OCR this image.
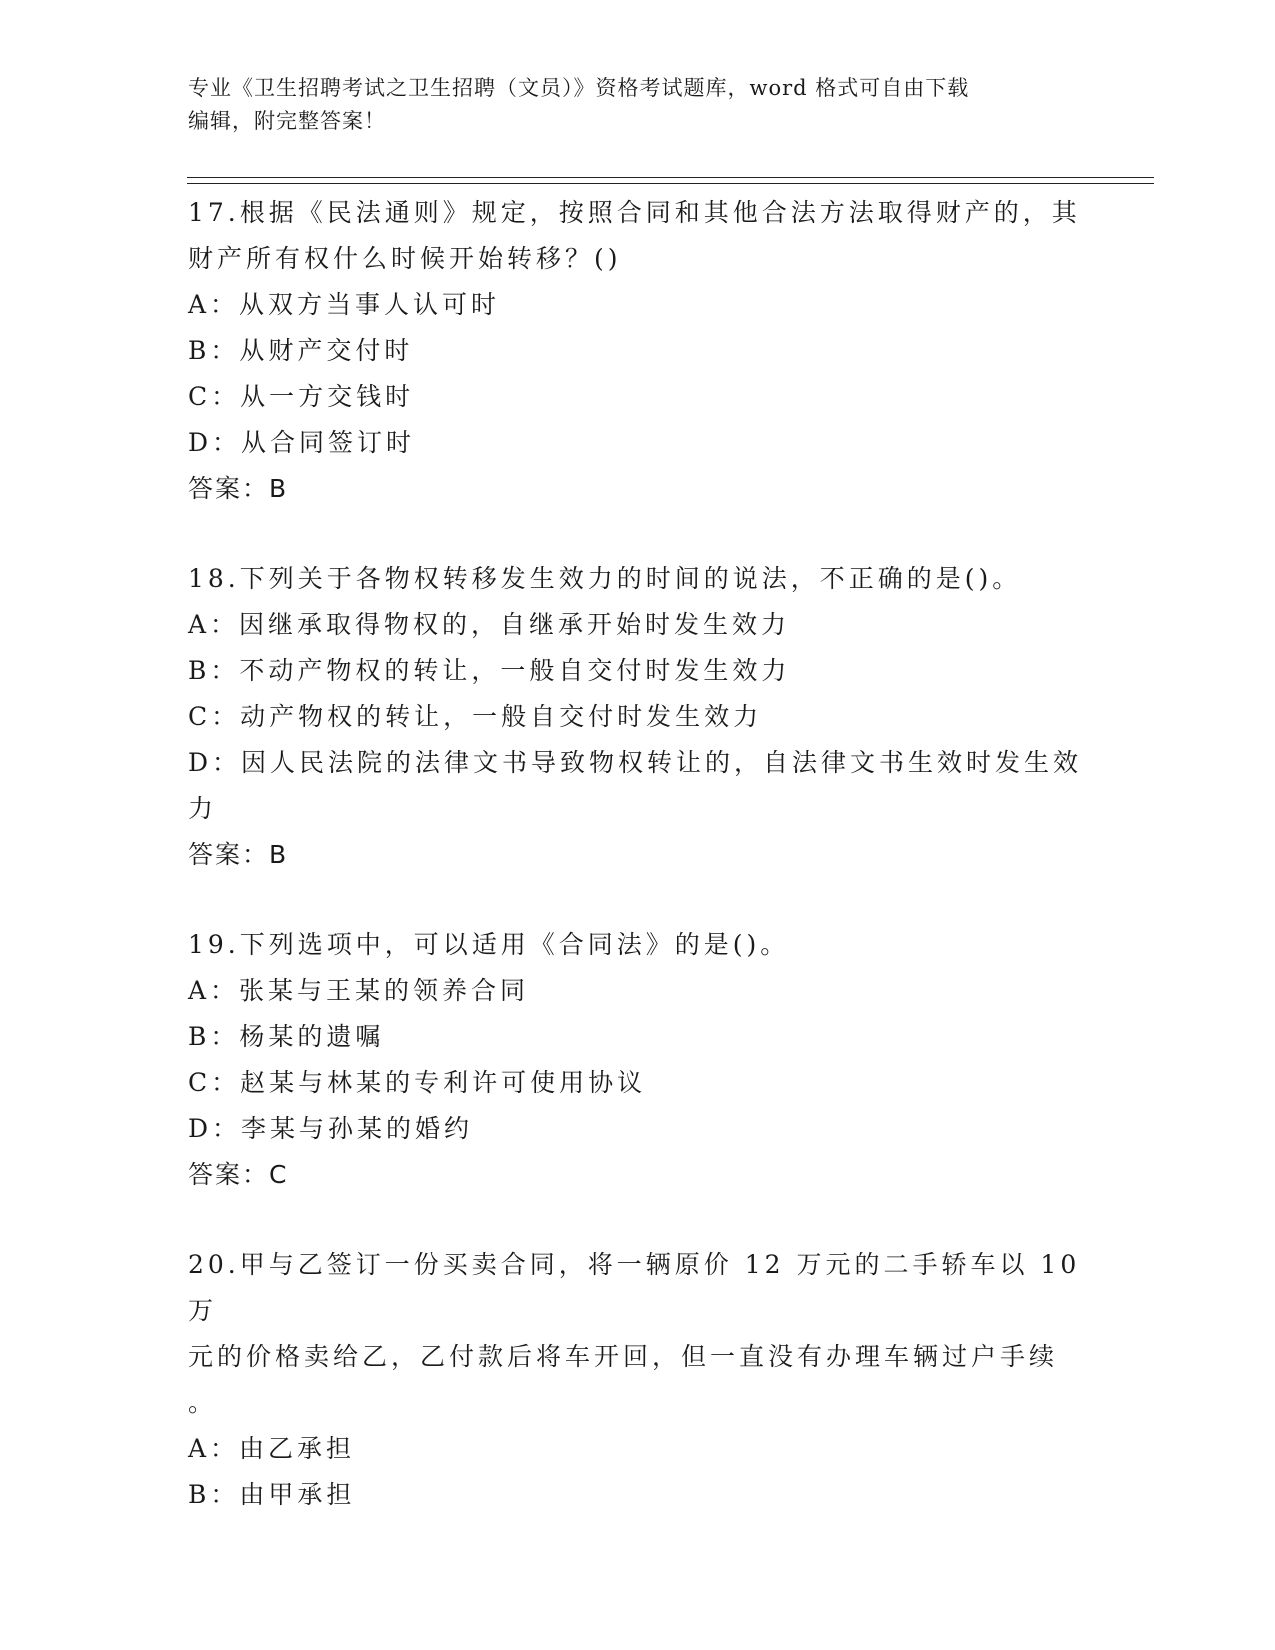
专业《卫生招聘考试之卫生招聘（文员）》资格考试题库，word 格式可自由下载
编辑，附完整答案！
17.根据《民法通则》规定，按照合同和其他合法方法取得财产的，其
财产所有权什么时候开始转移？()
A：从双方当事人认可时
B：从财产交付时
C：从一方交钱时
D：从合同签订时
答案：B
18.下列关于各物权转移发生效力的时间的说法，不正确的是()。
A：因继承取得物权的，自继承开始时发生效力
B：不动产物权的转让，一般自交付时发生效力
C：动产物权的转让，一般自交付时发生效力
D：因人民法院的法律文书导致物权转让的，自法律文书生效时发生效
力
答案：B
19.下列选项中，可以适用《合同法》的是()。
A：张某与王某的领养合同
B：杨某的遗嘱
C：赵某与林某的专利许可使用协议
D：李某与孙某的婚约
答案：C
20.甲与乙签订一份买卖合同，将一辆原价 12 万元的二手轿车以 10 万
元的价格卖给乙，乙付款后将车开回，但一直没有办理车辆过户手续
。
A：由乙承担
B：由甲承担
